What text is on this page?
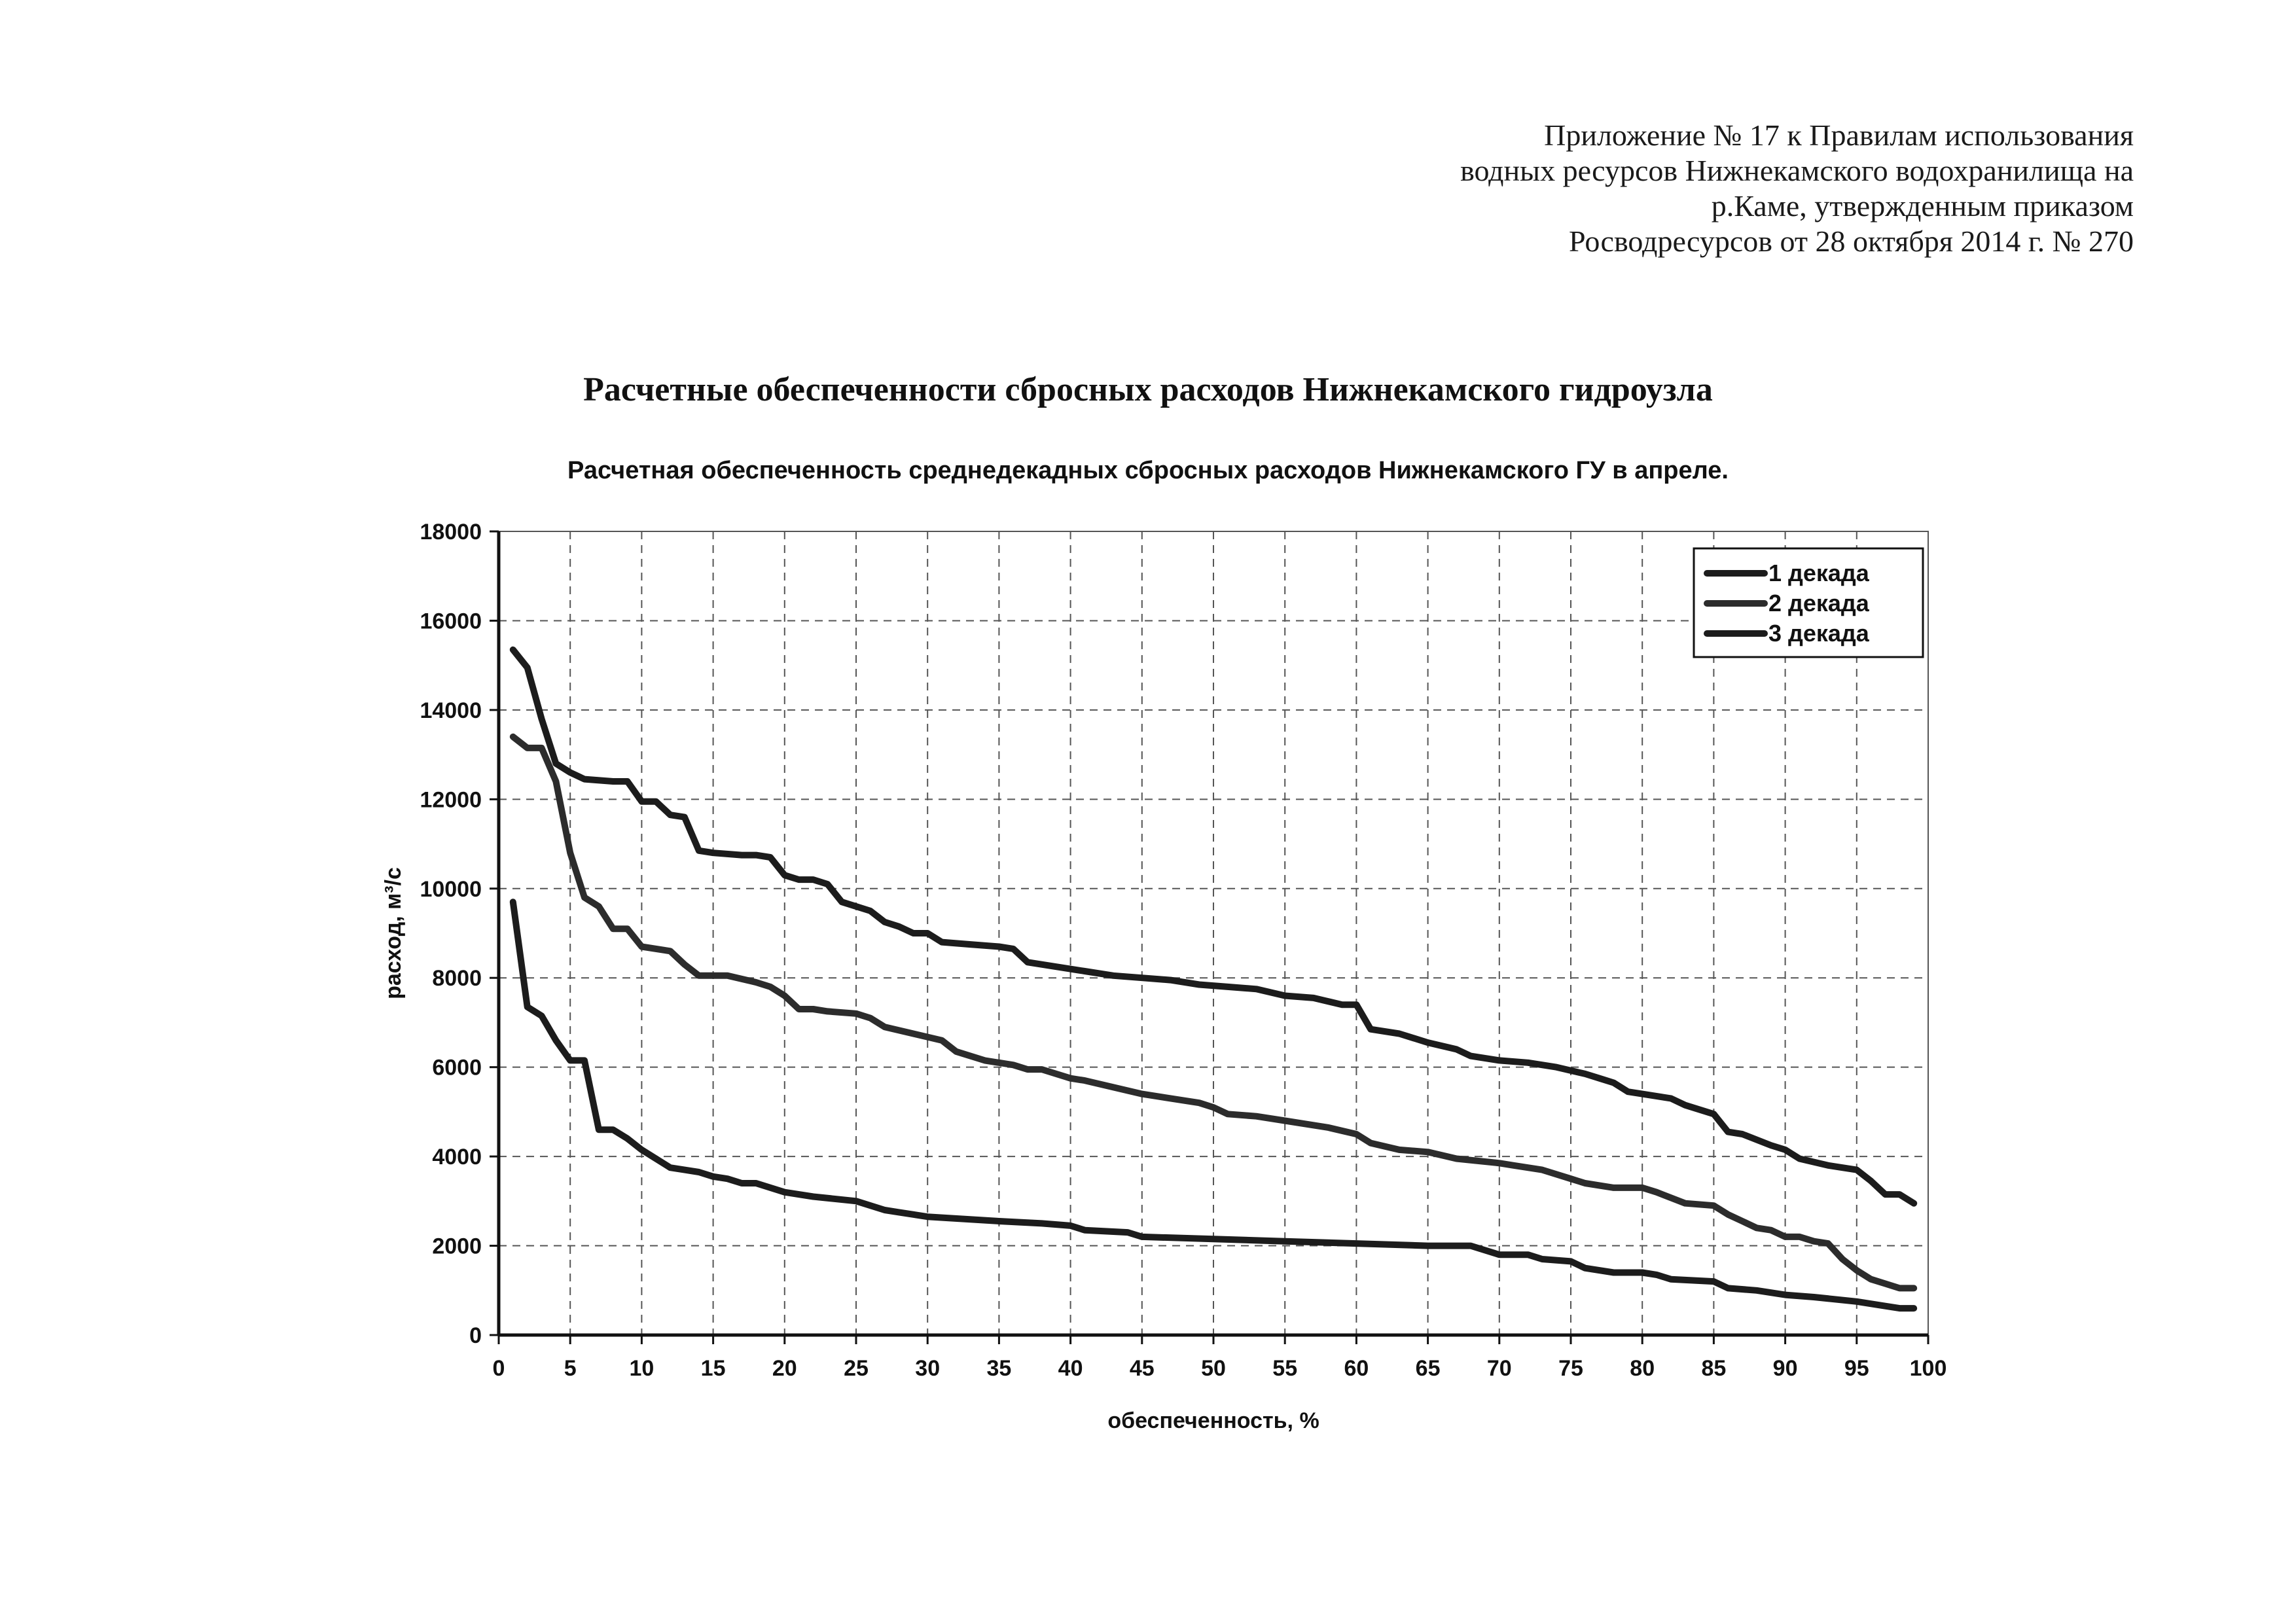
Приложение № 17 к Правилам использования
водных ресурсов Нижнекамского водохранилища на
р.Каме, утвержденным приказом
Росводресурсов от 28 октября 2014 г. № 270
Расчетные обеспеченности сбросных расходов Нижнекамского гидроузла
Расчетная обеспеченность среднедекадных сбросных расходов Нижнекамского ГУ в апреле.
0
2000
4000
6000
8000
10000
12000
14000
16000
18000
0	5 10 15 20 25 30 35 40 45 50 55 60 65 70 75 80 85 90 95 100
1 декада
2 декада
3 декада
обеспеченность, %
расход, м³/с
